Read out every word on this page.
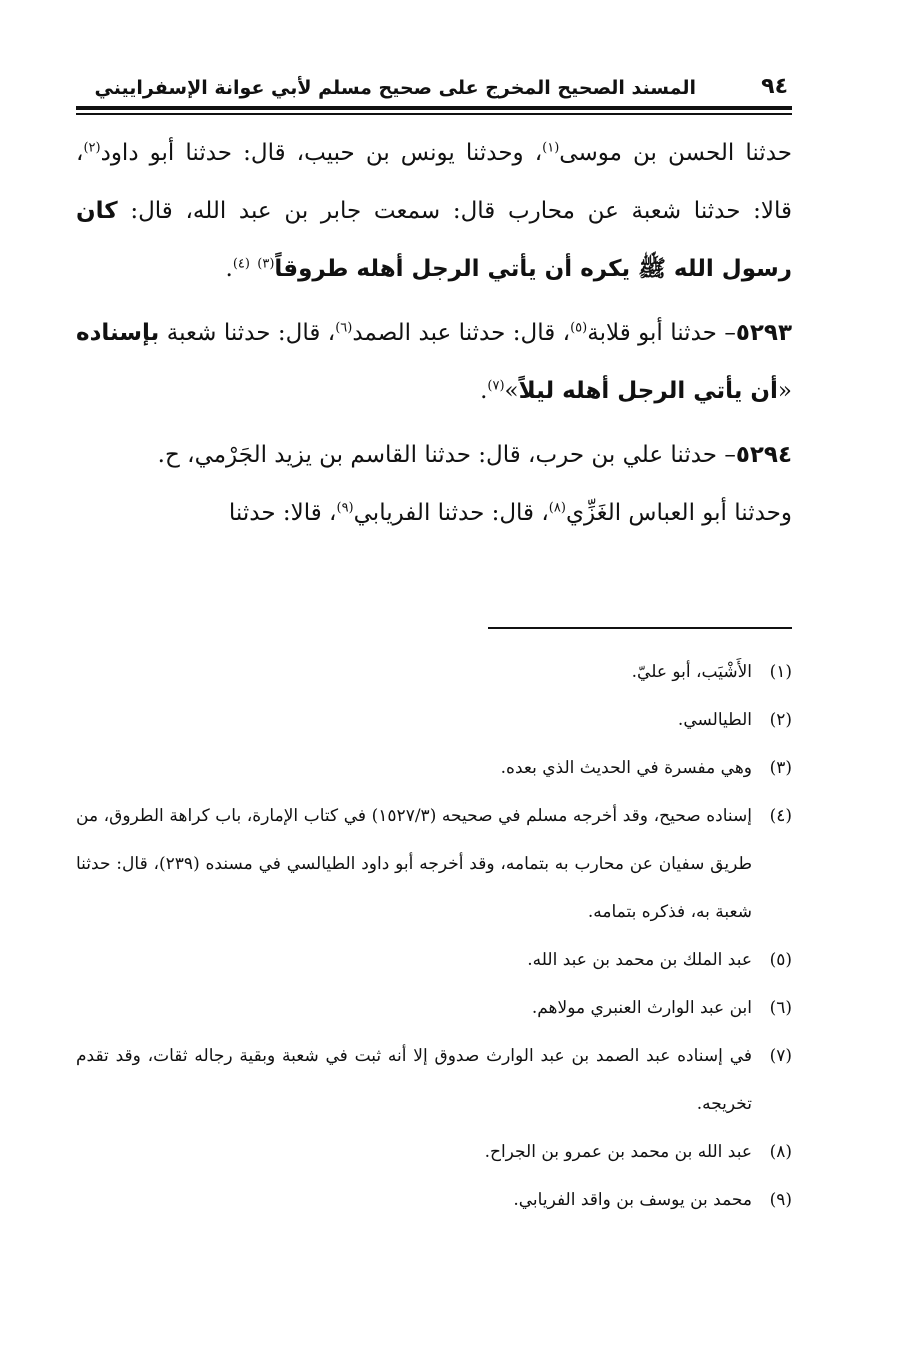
٩٤
المسند الصحيح المخرج على صحيح مسلم لأبي عوانة الإسفراييني

حدثنا الحسن بن موسى$^{(١)}$، وحدثنا يونس بن حبيب، قال: حدثنا أبو داود$^{(٢)}$، قالا: حدثنا شعبة عن محارب قال: سمعت جابر بن عبد الله، قال: كان رسول الله ﷺ يكره أن يأتي الرجل أهله طروقاً$^{(٣)}$ $^{(٤)}$.

٥٢٩٣– حدثنا أبو قلابة$^{(٥)}$، قال: حدثنا عبد الصمد$^{(٦)}$، قال: حدثنا شعبة بإسناده «أن يأتي الرجل أهله ليلاً»$^{(٧)}$.

٥٢٩٤– حدثنا علي بن حرب، قال: حدثنا القاسم بن يزيد الجَرْمي، ح.

وحدثنا أبو العباس الغَزِّي$^{(٨)}$، قال: حدثنا الفريابي$^{(٩)}$، قالا: حدثنا

(١)
الأَشْيَب، أبو عليّ.
(٢)
الطيالسي.
(٣)
وهي مفسرة في الحديث الذي بعده.
(٤)
إسناده صحيح، وقد أخرجه مسلم في صحيحه (١٥٢٧/٣) في كتاب الإمارة، باب كراهة الطروق، من طريق سفيان عن محارب به بتمامه، وقد أخرجه أبو داود الطيالسي في مسنده (٢٣٩)، قال: حدثنا شعبة به، فذكره بتمامه.
(٥)
عبد الملك بن محمد بن عبد الله.
(٦)
ابن عبد الوارث العنبري مولاهم.
(٧)
في إسناده عبد الصمد بن عبد الوارث صدوق إلا أنه ثبت في شعبة وبقية رجاله ثقات، وقد تقدم تخريجه.
(٨)
عبد الله بن محمد بن عمرو بن الجراح.
(٩)
محمد بن يوسف بن واقد الفريابي.
